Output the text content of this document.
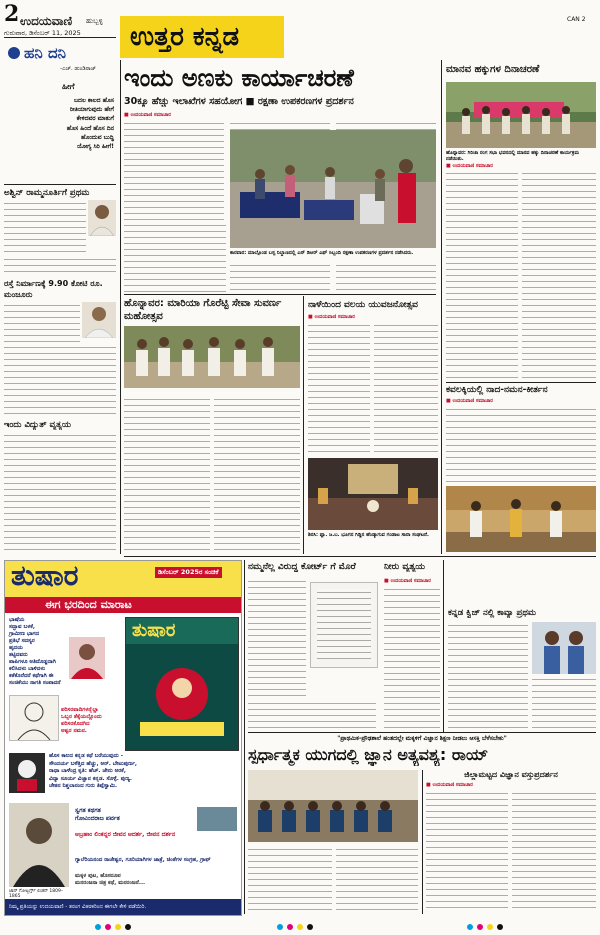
2 ಉದಯವಾಣಿ ಹುಬ್ಬಳ್ಳಿ
ಗುರುವಾರ, ಡಿಸೆಂಬರ್ 11, 2025	ಉತ್ತರ ಕನ್ನಡ
CAN 2
ಹನಿ ದನಿ
-ಎಚ್. ಡುಂಡಿರಾಜ್
ಹೀಗೆ
ಬದಲ ಕಾಲದ ಹೊಸ
ರೀತಿಯಾಗುವುದು ಹೇಗೆ
ಕೇಳಿದವರ ಮಾತುಗೆ
ಹೊಸ ಹಿಂದೆ ಹೊಸ ದಿನ
ಹೊಂದುವ ಬುದ್ಧಿ
ಯೋಗ್ಯ ಸಿರಿ ಹೀಗೆ!
ಅಶ್ವಿನ್ ರಾಮ್ಮನೂರ್ತಿಗೆ ಪ್ರಥಮ
ರಸ್ತೆ ನಿರ್ಮಾಣಕ್ಕೆ 9.90 ಕೋಟಿ ರೂ. ಮಂಜೂರು
ಇಂದು ವಿದ್ಯುತ್ ವ್ಯತ್ಯಯ
ಇಂದು ಅಣಕು ಕಾರ್ಯಾಚರಣೆ
30ಕ್ಕೂ ಹೆಚ್ಚು ಇಲಾಖೆಗಳ ಸಹಯೋಗ ■ ರಕ್ಷಣಾ ಉಪಕರಣಗಳ ಪ್ರದರ್ಶನ
■ ಉದಯವಾಣಿ ಸಮಾಚಾರ
ಕಾರವಾರ: ಮಾಲ್ಗೊಂಡ ಬಸ್ಸ ನಿಲ್ದಾಣದಲ್ಲಿ ಎನ್ ಡಿಆರ್ ಎಫ್ ಸಿಬ್ಬಂದಿ ರಕ್ಷಣಾ ಉಪಕರಣಗಳ ಪ್ರದರ್ಶನ ನಡೆಸಿದರು.
ಹೊನ್ನಾವರ: ಮಾರಿಯಾ ಗೊರೆಟ್ಟಿ ಸೇವಾ ಸುವರ್ಣ ಮಹೋತ್ಸವ
ನಾಳೆಯಿಂದ ವಲಯ ಯುವಜನೋತ್ಸವ
■ ಉದಯವಾಣಿ ಸಮಾಚಾರ
ಶಿರಸಿ: ಪ್ಲಾ. ಜ.ಬ. ಭೂಗನ ಗಿಡ್ಡಿನ ಹೆಂಡ್ಕಾಗುವ ಗಂಡಾಟ ಸಾರಾ ಸಂಘಟನೆ.
ಮಾನವ ಹಕ್ಕುಗಳ ದಿನಾಚರಣೆ
ಹೊನ್ನಾವರ: ಗಿರಿಜಾ ರಂಗ ಸಭಾ ಭವನದಲ್ಲಿ ಮಾನವ ಹಕ್ಕು ದಿನಾಚರಣೆ ಕಾರ್ಯಕ್ರಮ ನಡೆಯಿತು.
■ ಉದಯವಾಣಿ ಸಮಾಚಾರ
ಕವಲಕ್ಕಿಯಲ್ಲಿ ನಾದ-ನಮನ-ಕೀರ್ತನ
■ ಉದಯವಾಣಿ ಸಮಾಚಾರ
ತುಷಾರ	ಡಿಸೆಂಬರ್ 2025ರ ಸಂಚಿಕೆ
ಈಗ ಭರದಿಂದ ಮಾರಾಟ
ಭಾಷೆಯ
ಸದ್ಭಾವ ಬಳಕೆ,
ಗ್ರಾಮೀಣ ಭಾಗದ
ಪ್ರತಿಭೆ ಸದಸ್ಯರ
ಹೃದಯ
ತಟ್ಟಿದವರು
ಪಾಪಿಗಳೂ ಅತಿದೊಡ್ಡದಾಗಿ
ಕಲಿಸಿದಳು ಬಾಳಿದಳು
ಕತೆಕೊರೆದರೆ ಕಥೆಗಾಗಿ ಈ
ಸಂಚಿಕೆಯು ನಾಗತಿ ಸಂಪಾದನೆ
ತುಷಾರ
ಪರಿಸರವಾದಿಗಳನ್ನೆಲ್ಲಾ
ಒಬ್ಬರ ತೆಕ್ಕೆಯಲ್ಲೊಂದು
ಪರಿಸರಕೊದಗಿದ
ಅಶ್ವರ ನಮನ.
ಹೊಸ ಕಾಲದ ಕನ್ನಡ ಕಥೆ ಬರೆಯುವುದು -
ಸೌಂದರ್ಯ ಬಳೆತ್ತಿದ ಹೆಚ್ಚು, ಅರ್. ಬೇಟುಪುರ್ಣ,
ರಾಧಾ ಬಾಳೆಂದ್ರ ಕೃತಿ: ಹೆಚ್. ಜೇನು ಅರಕೆ,
ವಿದ್ಯಾ ಸೂರ್ಯ ವಿಜ್ಞಾನ ಕನ್ನಡ. ಸೊಳ್ಳೆ. ಪುಣ್ಯ.
ಚೇತನ ನಿಶ್ಚಲಾನಂದ ಗುರು ತಿಪ್ಪೆಸ್ವಾಮಿ.
ಸ್ವಗತ ಕಥಗತ
ಗೋವಿಂದರಾಜ ಪರ್ವತ
ಅಬ್ರಹಾಂ ಲಿಂಕನ್ನರ ಜೀವನ ಆದರ್ಶ, ಜೀವನ ದರ್ಶನ
ಗ್ಯಾಲೆರಿಯನಂದ ರಾಜೇಶ್ವರ, ಗೂರಿಯಾಗಿಗಳ ಜಾತ್ರೆ, ಚಿಂತೆಗಳ ಸಂಗ್ರಹ, ಗ್ರಾಫ್
ಮಕ್ಕಳ ಪುಟ, ಹೊಸರೂಪ
ಮನರಂಜನಾ ಚಿತ್ರ ಕಥೆ, ಮನರಂಜನೆ...
ಜಾನ್ ಗೋಟ್ಬರ್ಗ್ಗ್ ಲಿಂಕನ್ 1809–1865
ನಿಮ್ಮ ಪ್ರತಿಯನ್ನು ಉದಯವಾಣಿ - ತರಂಗ ವಿತರಕರಿಂದ ಈಗಲೇ ಕೇಳಿ ಪಡೆಯಿರಿ.
ನಮ್ಮನೆಲ್ಲ ವಿರುದ್ಧ ಕೋರ್ಟ್ ಗೆ ಮೊರೆ	ನೀರು ವ್ಯತ್ಯಯ
■ ಉದಯವಾಣಿ ಸಮಾಚಾರ
ಕನ್ನಡ ಕ್ವಿಜ್ ನಲ್ಲಿ ಕಾವ್ಯಾ ಪ್ರಥಮ
"ಪ್ರಾಥಮಿಕ-ಪ್ರೌಢಶಾಲೆ ಹಂತದಲ್ಲೇ ಮಕ್ಕಳಿಗೆ ವಿಜ್ಞಾನ ಶಿಕ್ಷಣ ನೀಡಲು ಆಸಕ್ತಿ ಬೆಳೆಸಬೇಕು"
ಸ್ಪರ್ಧಾತ್ಮಕ ಯುಗದಲ್ಲಿ ಜ್ಞಾನ ಅತ್ಯವಶ್ಯ: ರಾಯ್
ಜಿಲ್ಲಾಮಟ್ಟದ ವಿಜ್ಞಾನ ವಸ್ತುಪ್ರದರ್ಶನ
■ ಉದಯವಾಣಿ ಸಮಾಚಾರ
